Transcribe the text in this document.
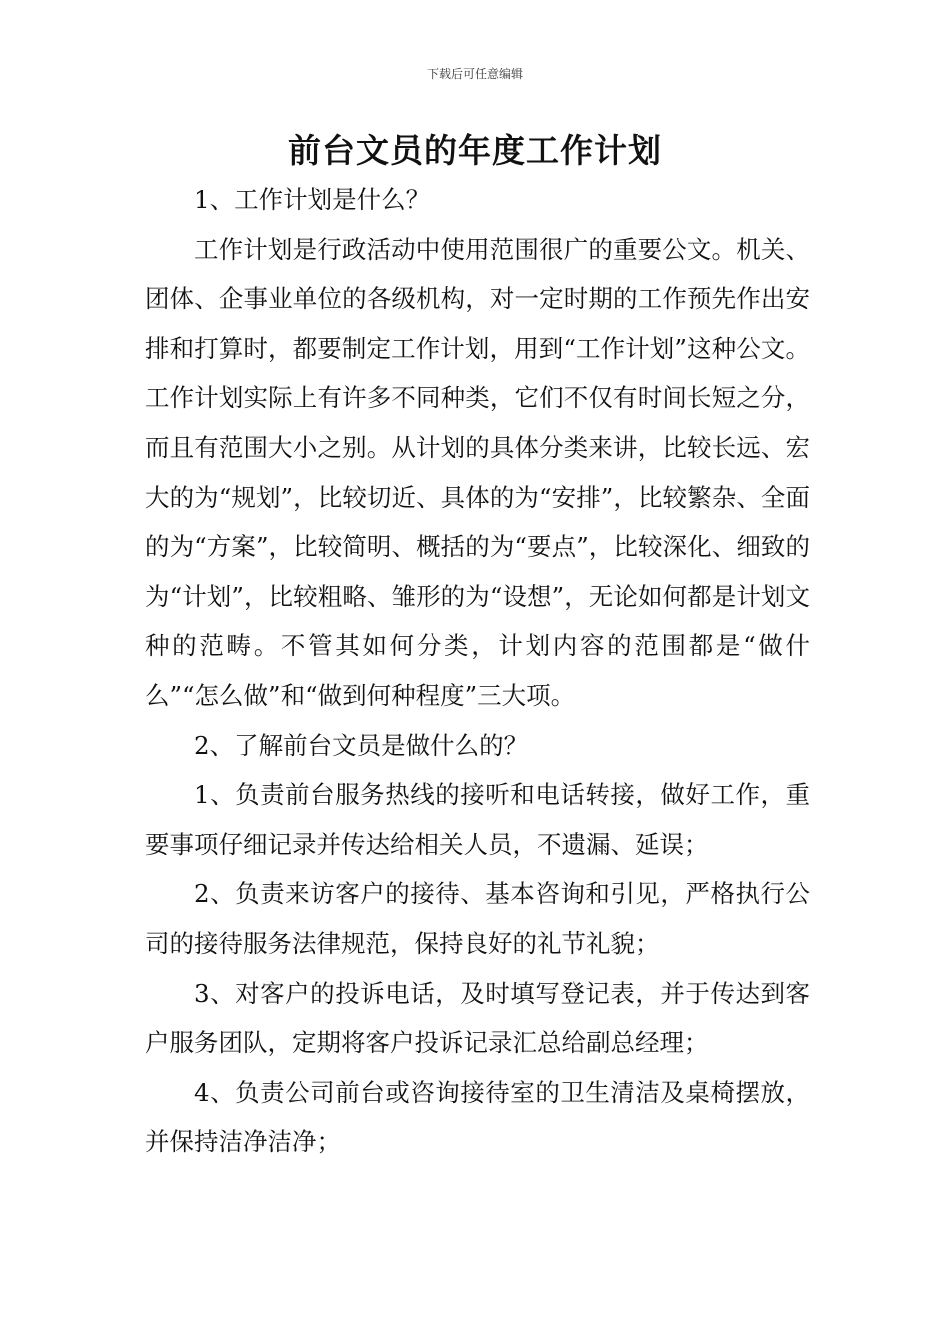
下载后可任意编辑
前台文员的年度工作计划

1、工作计划是什么？

工作计划是行政活动中使用范围很广的重要公文。机关、团体、企事业单位的各级机构，对一定时期的工作预先作出安排和打算时，都要制定工作计划，用到“工作计划”这种公文。工作计划实际上有许多不同种类，它们不仅有时间长短之分，而且有范围大小之别。从计划的具体分类来讲，比较长远、宏大的为“规划”，比较切近、具体的为“安排”，比较繁杂、全面的为“方案”，比较简明、概括的为“要点”，比较深化、细致的为“计划”，比较粗略、雏形的为“设想”，无论如何都是计划文种的范畴。不管其如何分类，计划内容的范围都是“做什么”“怎么做”和“做到何种程度”三大项。

2、了解前台文员是做什么的？

1、负责前台服务热线的接听和电话转接，做好工作，重要事项仔细记录并传达给相关人员，不遗漏、延误；

2、负责来访客户的接待、基本咨询和引见，严格执行公司的接待服务法律规范，保持良好的礼节礼貌；

3、对客户的投诉电话，及时填写登记表，并于传达到客户服务团队，定期将客户投诉记录汇总给副总经理；

4、负责公司前台或咨询接待室的卫生清洁及桌椅摆放，并保持洁净洁净；
